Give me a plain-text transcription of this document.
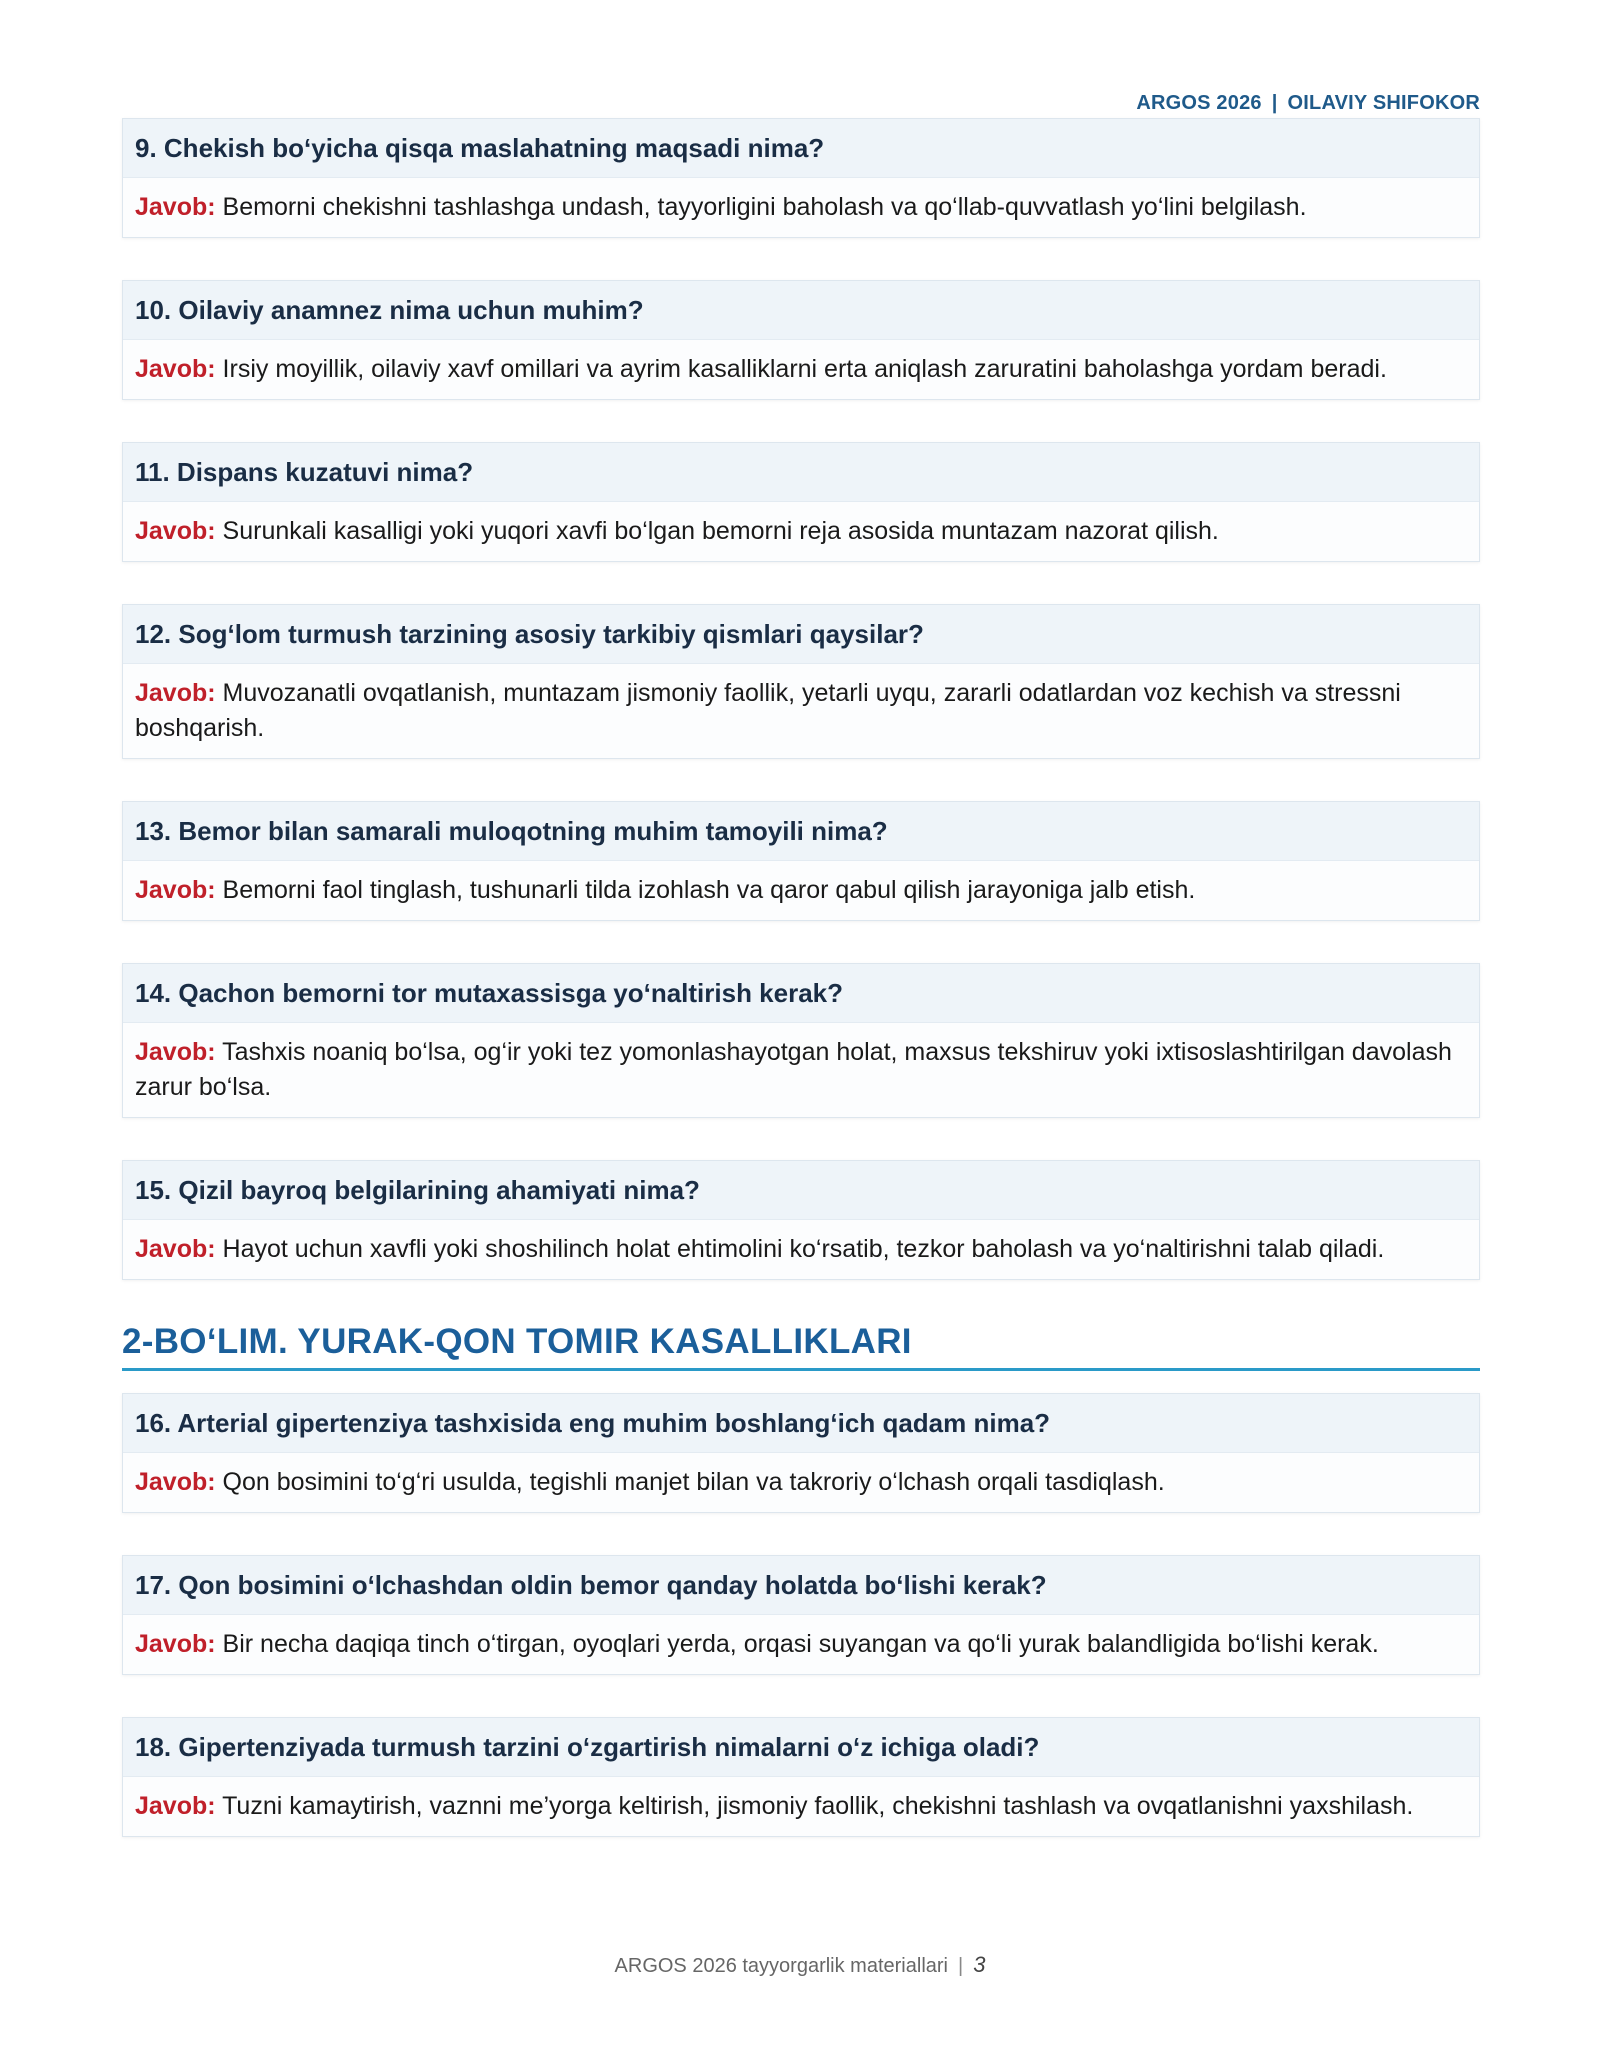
ARGOS 2026 | OILAVIY SHIFOKOR
9. Chekish bo‘yicha qisqa maslahatning maqsadi nima?
Javob: Bemorni chekishni tashlashga undash, tayyorligini baholash va qo‘llab-quvvatlash yo‘lini belgilash.
10. Oilaviy anamnez nima uchun muhim?
Javob: Irsiy moyillik, oilaviy xavf omillari va ayrim kasalliklarni erta aniqlash zaruratini baholashga yordam beradi.
11. Dispans kuzatuvi nima?
Javob: Surunkali kasalligi yoki yuqori xavfi bo‘lgan bemorni reja asosida muntazam nazorat qilish.
12. Sog‘lom turmush tarzining asosiy tarkibiy qismlari qaysilar?
Javob: Muvozanatli ovqatlanish, muntazam jismoniy faollik, yetarli uyqu, zararli odatlardan voz kechish va stressni boshqarish.
13. Bemor bilan samarali muloqotning muhim tamoyili nima?
Javob: Bemorni faol tinglash, tushunarli tilda izohlash va qaror qabul qilish jarayoniga jalb etish.
14. Qachon bemorni tor mutaxassisga yo‘naltirish kerak?
Javob: Tashxis noaniq bo‘lsa, og‘ir yoki tez yomonlashayotgan holat, maxsus tekshiruv yoki ixtisoslashtirilgan davolash zarur bo‘lsa.
15. Qizil bayroq belgilarining ahamiyati nima?
Javob: Hayot uchun xavfli yoki shoshilinch holat ehtimolini ko‘rsatib, tezkor baholash va yo‘naltirishni talab qiladi.
2-BO‘LIM. YURAK-QON TOMIR KASALLIKLARI
16. Arterial gipertenziya tashxisida eng muhim boshlang‘ich qadam nima?
Javob: Qon bosimini to‘g‘ri usulda, tegishli manjet bilan va takroriy o‘lchash orqali tasdiqlash.
17. Qon bosimini o‘lchashdan oldin bemor qanday holatda bo‘lishi kerak?
Javob: Bir necha daqiqa tinch o‘tirgan, oyoqlari yerda, orqasi suyangan va qo‘li yurak balandligida bo‘lishi kerak.
18. Gipertenziyada turmush tarzini o‘zgartirish nimalarni o‘z ichiga oladi?
Javob: Tuzni kamaytirish, vaznni me’yorga keltirish, jismoniy faollik, chekishni tashlash va ovqatlanishni yaxshilash.
ARGOS 2026 tayyorgarlik materiallari | 3
